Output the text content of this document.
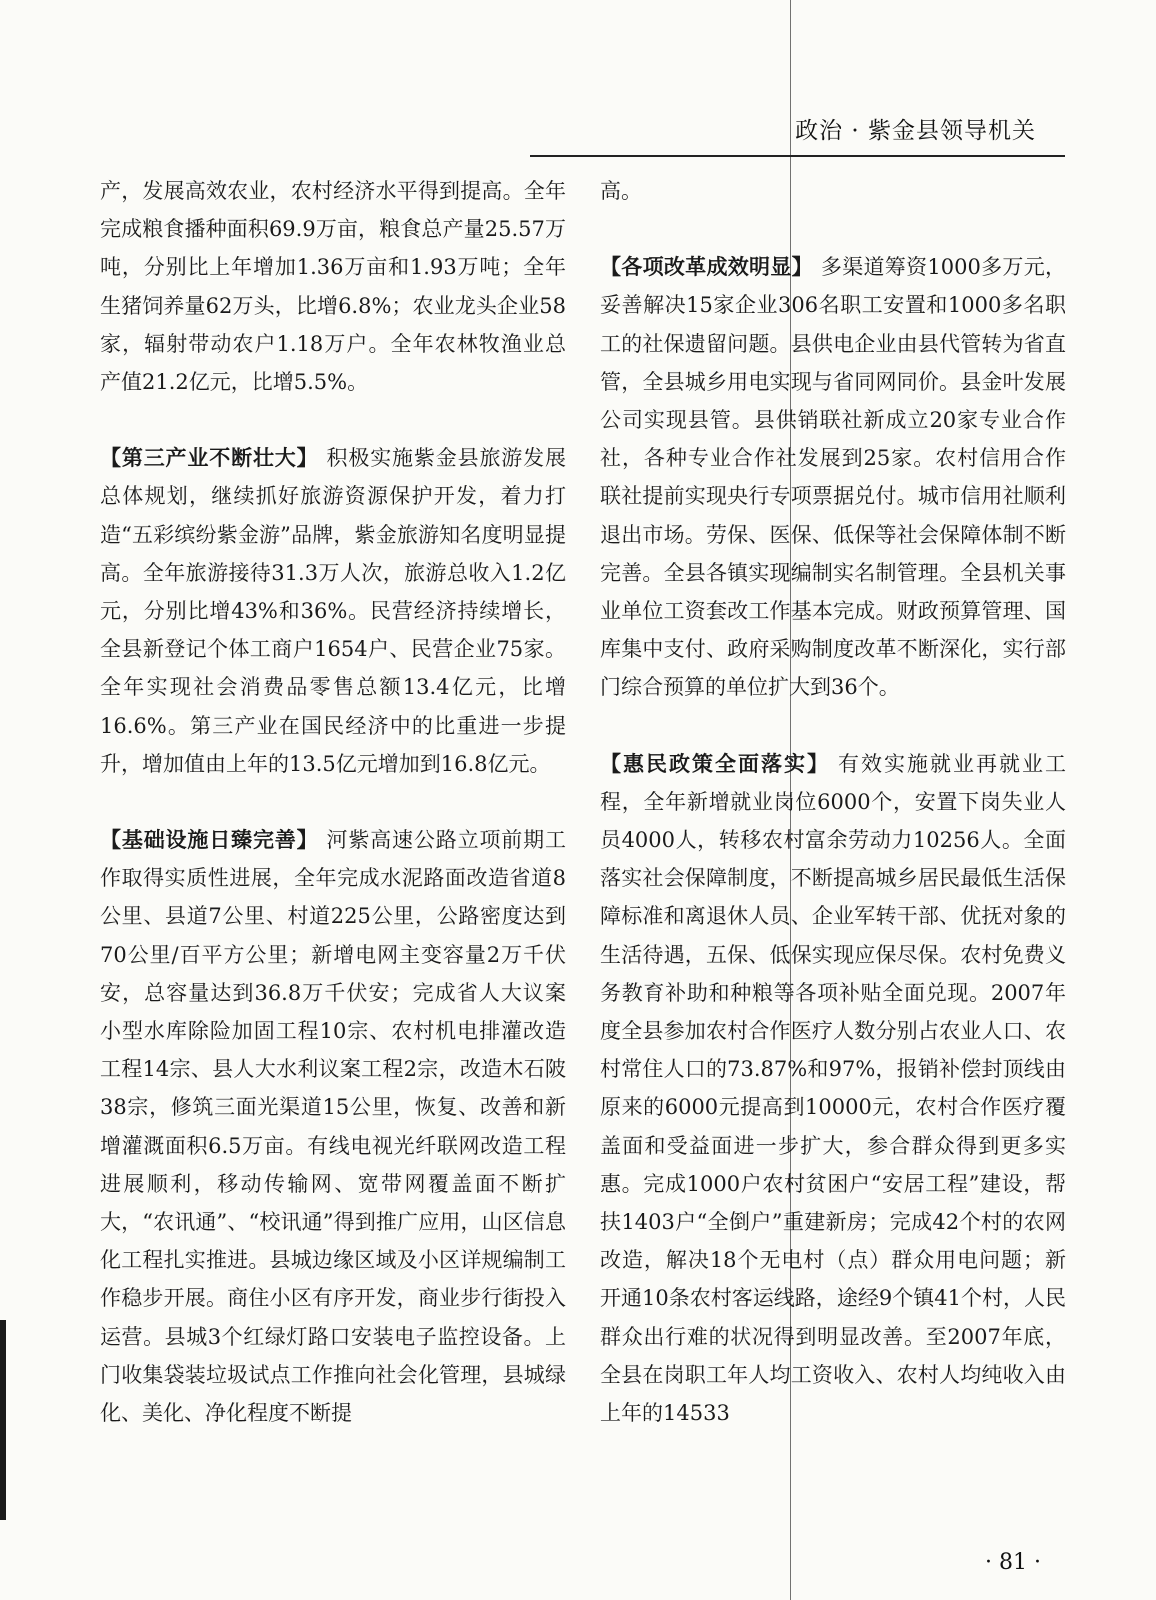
政治 · 紫金县领导机关

产，发展高效农业，农村经济水平得到提高。全年完成粮食播种面积69.9万亩，粮食总产量25.57万吨，分别比上年增加1.36万亩和1.93万吨；全年生猪饲养量62万头，比增6.8%；农业龙头企业58家，辐射带动农户1.18万户。全年农林牧渔业总产值21.2亿元，比增5.5%。

【第三产业不断壮大】 积极实施紫金县旅游发展总体规划，继续抓好旅游资源保护开发，着力打造“五彩缤纷紫金游”品牌，紫金旅游知名度明显提高。全年旅游接待31.3万人次，旅游总收入1.2亿元，分别比增43%和36%。民营经济持续增长，全县新登记个体工商户1654户、民营企业75家。全年实现社会消费品零售总额13.4亿元，比增16.6%。第三产业在国民经济中的比重进一步提升，增加值由上年的13.5亿元增加到16.8亿元。

【基础设施日臻完善】 河紫高速公路立项前期工作取得实质性进展，全年完成水泥路面改造省道8公里、县道7公里、村道225公里，公路密度达到70公里/百平方公里；新增电网主变容量2万千伏安，总容量达到36.8万千伏安；完成省人大议案小型水库除险加固工程10宗、农村机电排灌改造工程14宗、县人大水利议案工程2宗，改造木石陂38宗，修筑三面光渠道15公里，恢复、改善和新增灌溉面积6.5万亩。有线电视光纤联网改造工程进展顺利，移动传输网、宽带网覆盖面不断扩大，“农讯通”、“校讯通”得到推广应用，山区信息化工程扎实推进。县城边缘区域及小区详规编制工作稳步开展。商住小区有序开发，商业步行街投入运营。县城3个红绿灯路口安装电子监控设备。上门收集袋装垃圾试点工作推向社会化管理，县城绿化、美化、净化程度不断提

高。

【各项改革成效明显】 多渠道筹资1000多万元，妥善解决15家企业306名职工安置和1000多名职工的社保遗留问题。县供电企业由县代管转为省直管，全县城乡用电实现与省同网同价。县金叶发展公司实现县管。县供销联社新成立20家专业合作社，各种专业合作社发展到25家。农村信用合作联社提前实现央行专项票据兑付。城市信用社顺利退出市场。劳保、医保、低保等社会保障体制不断完善。全县各镇实现编制实名制管理。全县机关事业单位工资套改工作基本完成。财政预算管理、国库集中支付、政府采购制度改革不断深化，实行部门综合预算的单位扩大到36个。

【惠民政策全面落实】 有效实施就业再就业工程，全年新增就业岗位6000个，安置下岗失业人员4000人，转移农村富余劳动力10256人。全面落实社会保障制度，不断提高城乡居民最低生活保障标准和离退休人员、企业军转干部、优抚对象的生活待遇，五保、低保实现应保尽保。农村免费义务教育补助和种粮等各项补贴全面兑现。2007年度全县参加农村合作医疗人数分别占农业人口、农村常住人口的73.87%和97%，报销补偿封顶线由原来的6000元提高到10000元，农村合作医疗覆盖面和受益面进一步扩大，参合群众得到更多实惠。完成1000户农村贫困户“安居工程”建设，帮扶1403户“全倒户”重建新房；完成42个村的农网改造，解决18个无电村（点）群众用电问题；新开通10条农村客运线路，途经9个镇41个村，人民群众出行难的状况得到明显改善。至2007年底，全县在岗职工年人均工资收入、农村人均纯收入由上年的14533

· 81 ·
